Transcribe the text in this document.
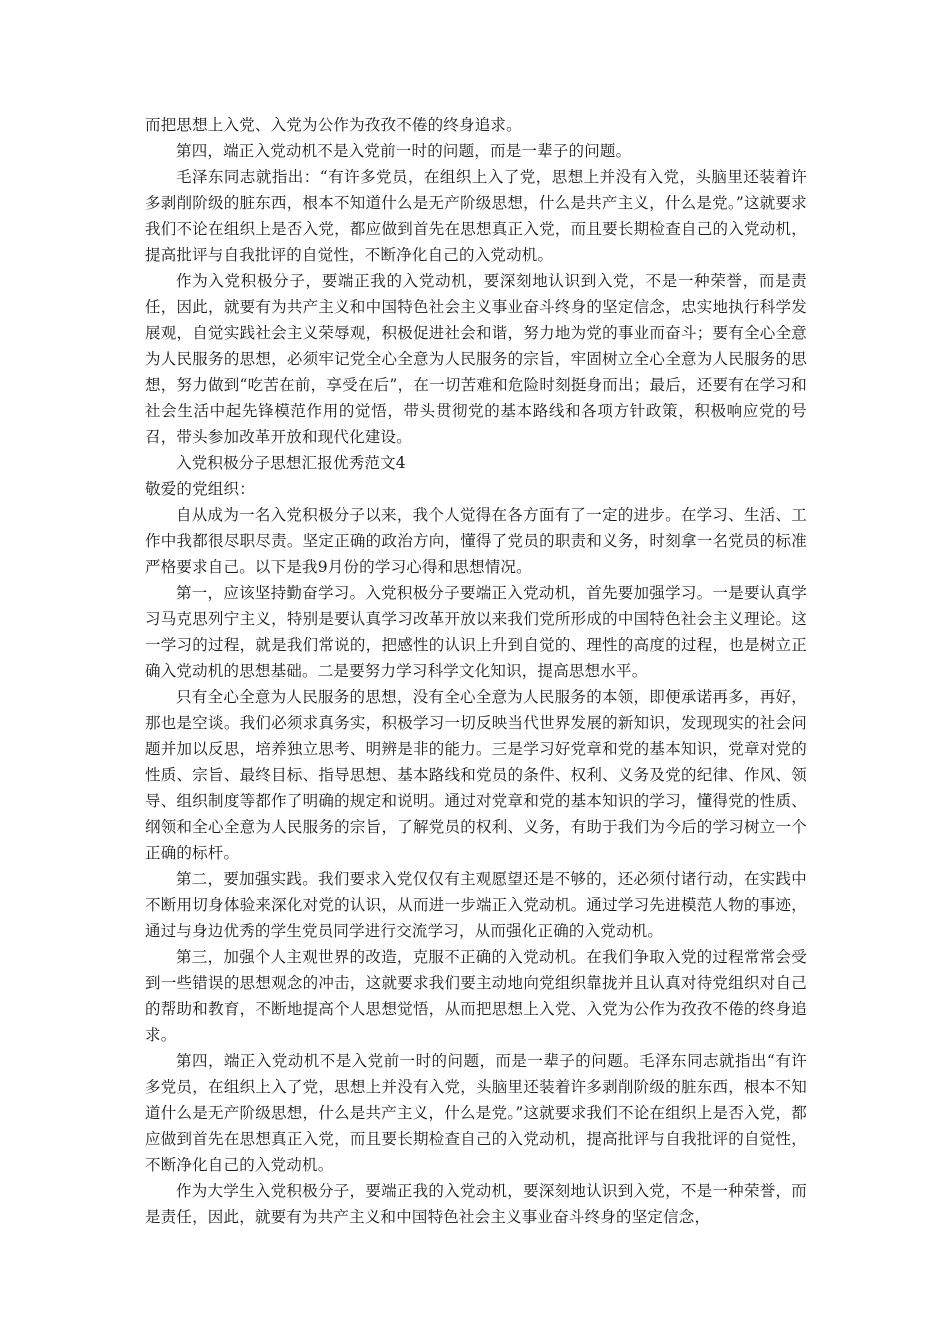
而把思想上入党、入党为公作为孜孜不倦的终身追求。

第四，端正入党动机不是入党前一时的问题，而是一辈子的问题。

毛泽东同志就指出：“有许多党员，在组织上入了党，思想上并没有入党，头脑里还装着许多剥削阶级的脏东西，根本不知道什么是无产阶级思想，什么是共产主义，什么是党。”这就要求我们不论在组织上是否入党，都应做到首先在思想真正入党，而且要长期检查自己的入党动机，提高批评与自我批评的自觉性，不断净化自己的入党动机。

作为入党积极分子，要端正我的入党动机，要深刻地认识到入党，不是一种荣誉，而是责任，因此，就要有为共产主义和中国特色社会主义事业奋斗终身的坚定信念，忠实地执行科学发展观，自觉实践社会主义荣辱观，积极促进社会和谐，努力地为党的事业而奋斗；要有全心全意为人民服务的思想，必须牢记党全心全意为人民服务的宗旨，牢固树立全心全意为人民服务的思想，努力做到“吃苦在前，享受在后”，在一切苦难和危险时刻挺身而出；最后，还要有在学习和社会生活中起先锋模范作用的觉悟，带头贯彻党的基本路线和各项方针政策，积极响应党的号召，带头参加改革开放和现代化建设。

入党积极分子思想汇报优秀范文4

敬爱的党组织：

自从成为一名入党积极分子以来，我个人觉得在各方面有了一定的进步。在学习、生活、工作中我都很尽职尽责。坚定正确的政治方向，懂得了党员的职责和义务，时刻拿一名党员的标准严格要求自己。以下是我9月份的学习心得和思想情况。

第一，应该坚持勤奋学习。入党积极分子要端正入党动机，首先要加强学习。一是要认真学习马克思列宁主义，特别是要认真学习改革开放以来我们党所形成的中国特色社会主义理论。这一学习的过程，就是我们常说的，把感性的认识上升到自觉的、理性的高度的过程，也是树立正确入党动机的思想基础。二是要努力学习科学文化知识，提高思想水平。

只有全心全意为人民服务的思想，没有全心全意为人民服务的本领，即便承诺再多，再好，那也是空谈。我们必须求真务实，积极学习一切反映当代世界发展的新知识，发现现实的社会问题并加以反思，培养独立思考、明辨是非的能力。三是学习好党章和党的基本知识，党章对党的性质、宗旨、最终目标、指导思想、基本路线和党员的条件、权利、义务及党的纪律、作风、领导、组织制度等都作了明确的规定和说明。通过对党章和党的基本知识的学习，懂得党的性质、纲领和全心全意为人民服务的宗旨，了解党员的权利、义务，有助于我们为今后的学习树立一个正确的标杆。

第二，要加强实践。我们要求入党仅仅有主观愿望还是不够的，还必须付诸行动，在实践中不断用切身体验来深化对党的认识，从而进一步端正入党动机。通过学习先进模范人物的事迹，通过与身边优秀的学生党员同学进行交流学习，从而强化正确的入党动机。

第三，加强个人主观世界的改造，克服不正确的入党动机。在我们争取入党的过程常常会受到一些错误的思想观念的冲击，这就要求我们要主动地向党组织靠拢并且认真对待党组织对自己的帮助和教育，不断地提高个人思想觉悟，从而把思想上入党、入党为公作为孜孜不倦的终身追求。

第四，端正入党动机不是入党前一时的问题，而是一辈子的问题。毛泽东同志就指出“有许多党员，在组织上入了党，思想上并没有入党，头脑里还装着许多剥削阶级的脏东西，根本不知道什么是无产阶级思想，什么是共产主义，什么是党。”这就要求我们不论在组织上是否入党，都应做到首先在思想真正入党，而且要长期检查自己的入党动机，提高批评与自我批评的自觉性，不断净化自己的入党动机。

作为大学生入党积极分子，要端正我的入党动机，要深刻地认识到入党，不是一种荣誉，而是责任，因此，就要有为共产主义和中国特色社会主义事业奋斗终身的坚定信念，
